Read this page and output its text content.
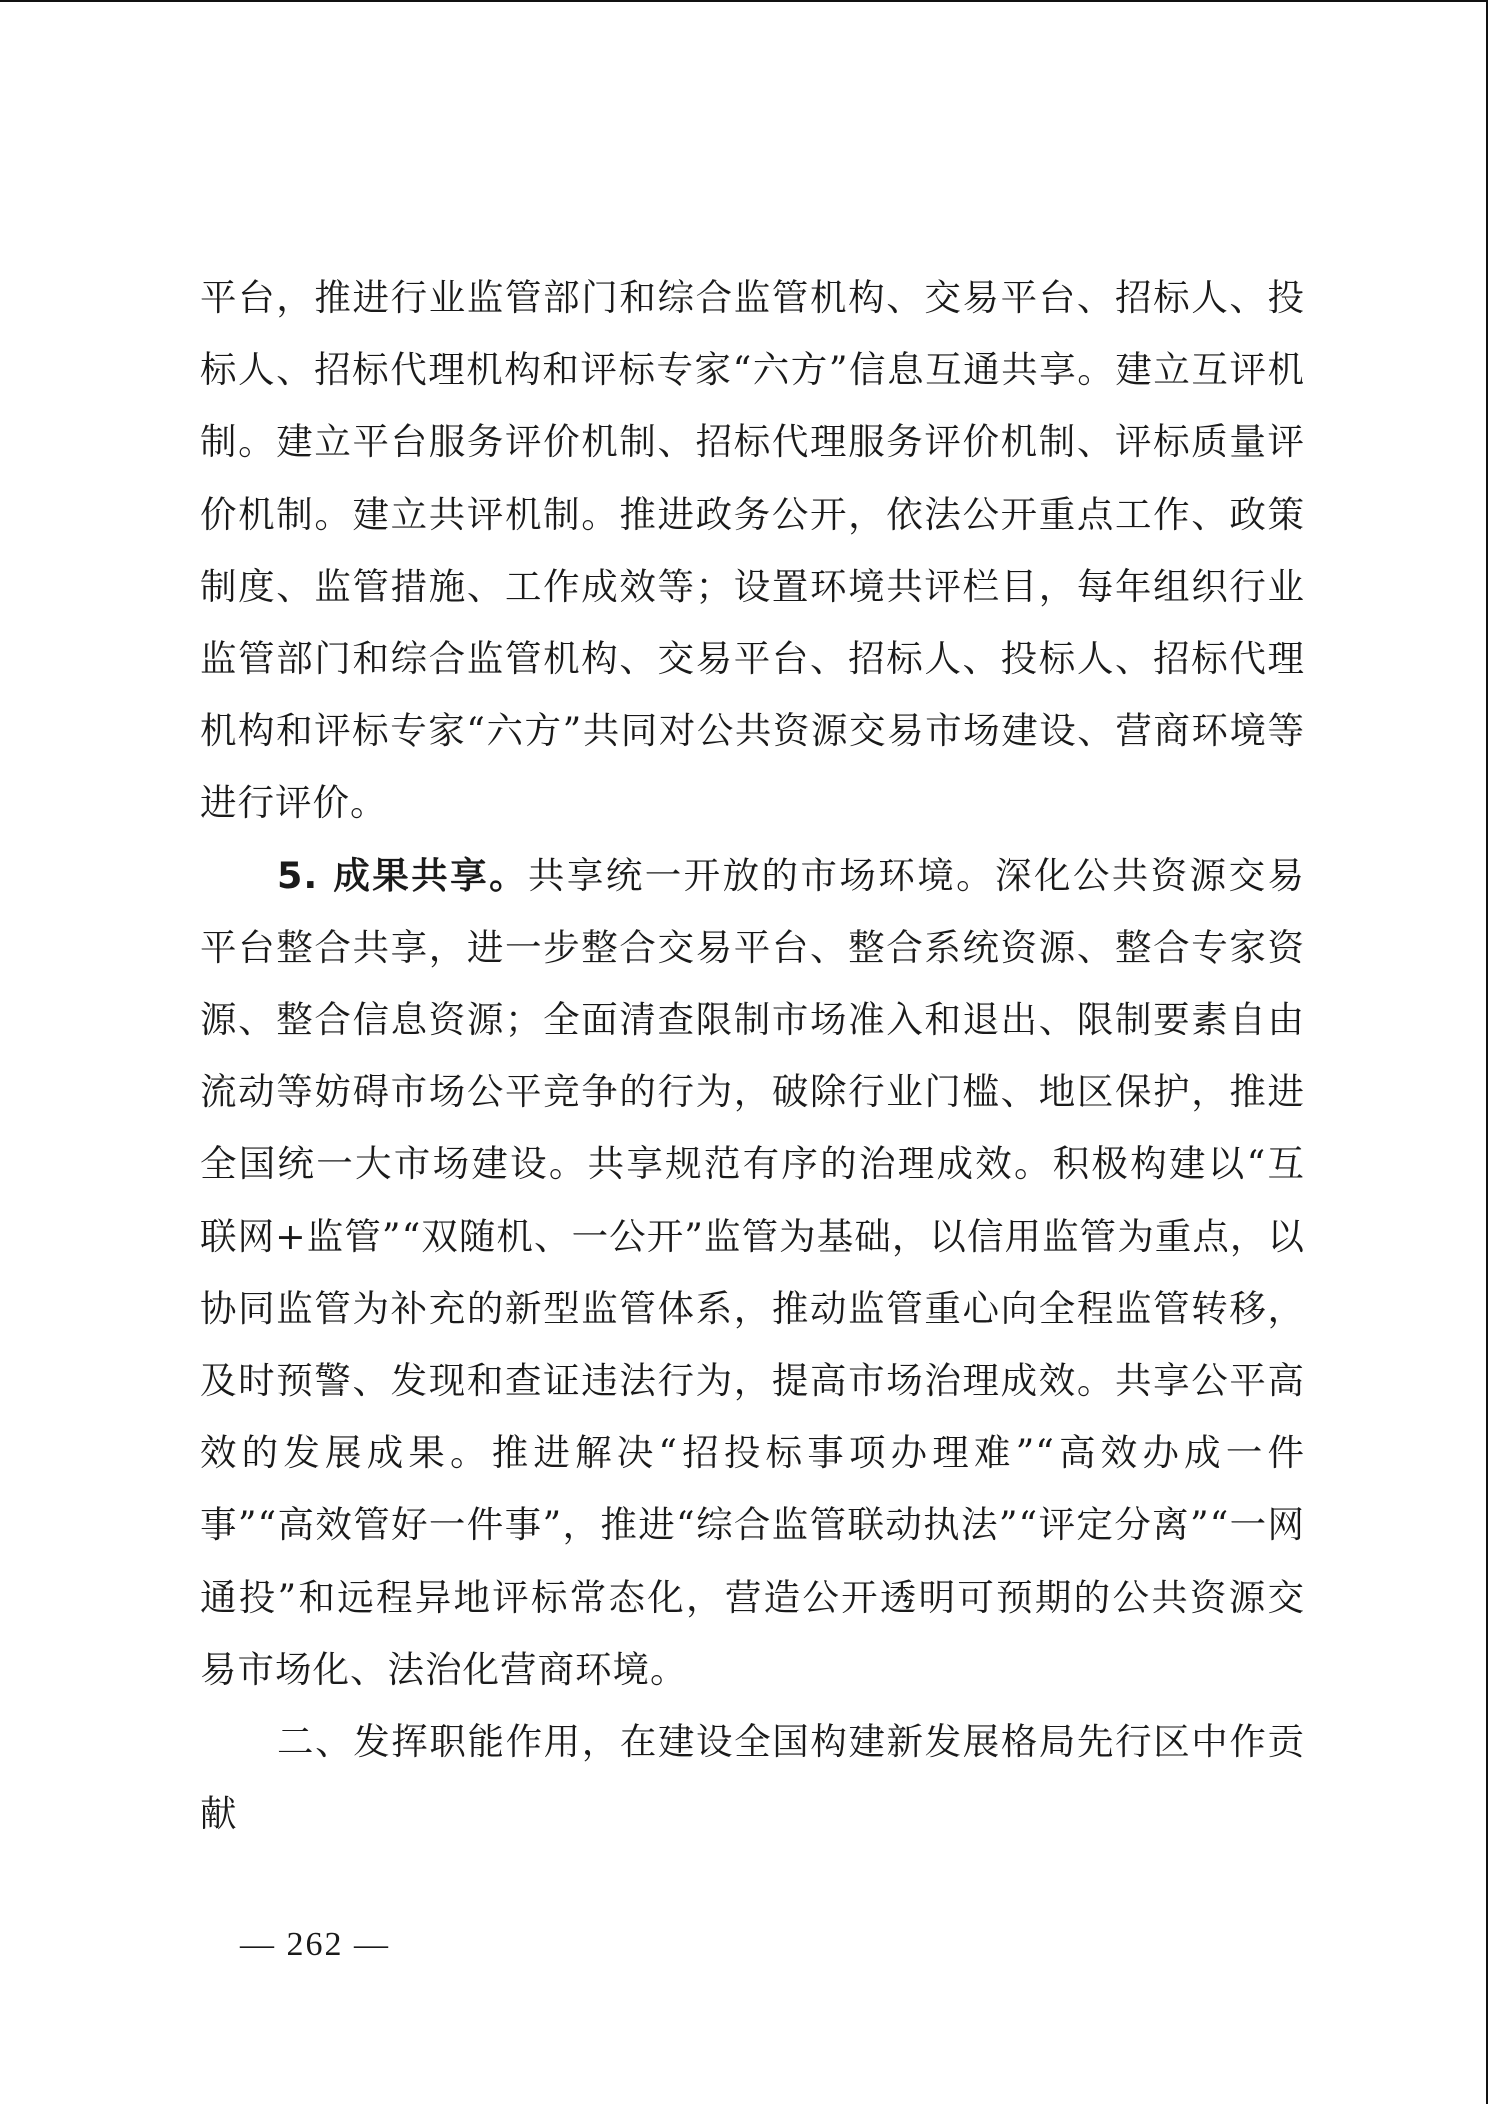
平台，推进行业监管部门和综合监管机构、交易平台、招标人、投标人、招标代理机构和评标专家“六方”信息互通共享。建立互评机制。建立平台服务评价机制、招标代理服务评价机制、评标质量评价机制。建立共评机制。推进政务公开，依法公开重点工作、政策制度、监管措施、工作成效等；设置环境共评栏目，每年组织行业监管部门和综合监管机构、交易平台、招标人、投标人、招标代理机构和评标专家“六方”共同对公共资源交易市场建设、营商环境等进行评价。

5. 成果共享。共享统一开放的市场环境。深化公共资源交易平台整合共享，进一步整合交易平台、整合系统资源、整合专家资源、整合信息资源；全面清查限制市场准入和退出、限制要素自由流动等妨碍市场公平竞争的行为，破除行业门槛、地区保护，推进全国统一大市场建设。共享规范有序的治理成效。积极构建以“互联网+监管”“双随机、一公开”监管为基础，以信用监管为重点，以协同监管为补充的新型监管体系，推动监管重心向全程监管转移，及时预警、发现和查证违法行为，提高市场治理成效。共享公平高效的发展成果。推进解决“招投标事项办理难”“高效办成一件事”“高效管好一件事”，推进“综合监管联动执法”“评定分离”“一网通投”和远程异地评标常态化，营造公开透明可预期的公共资源交易市场化、法治化营商环境。

二、发挥职能作用，在建设全国构建新发展格局先行区中作贡献

— 262 —
